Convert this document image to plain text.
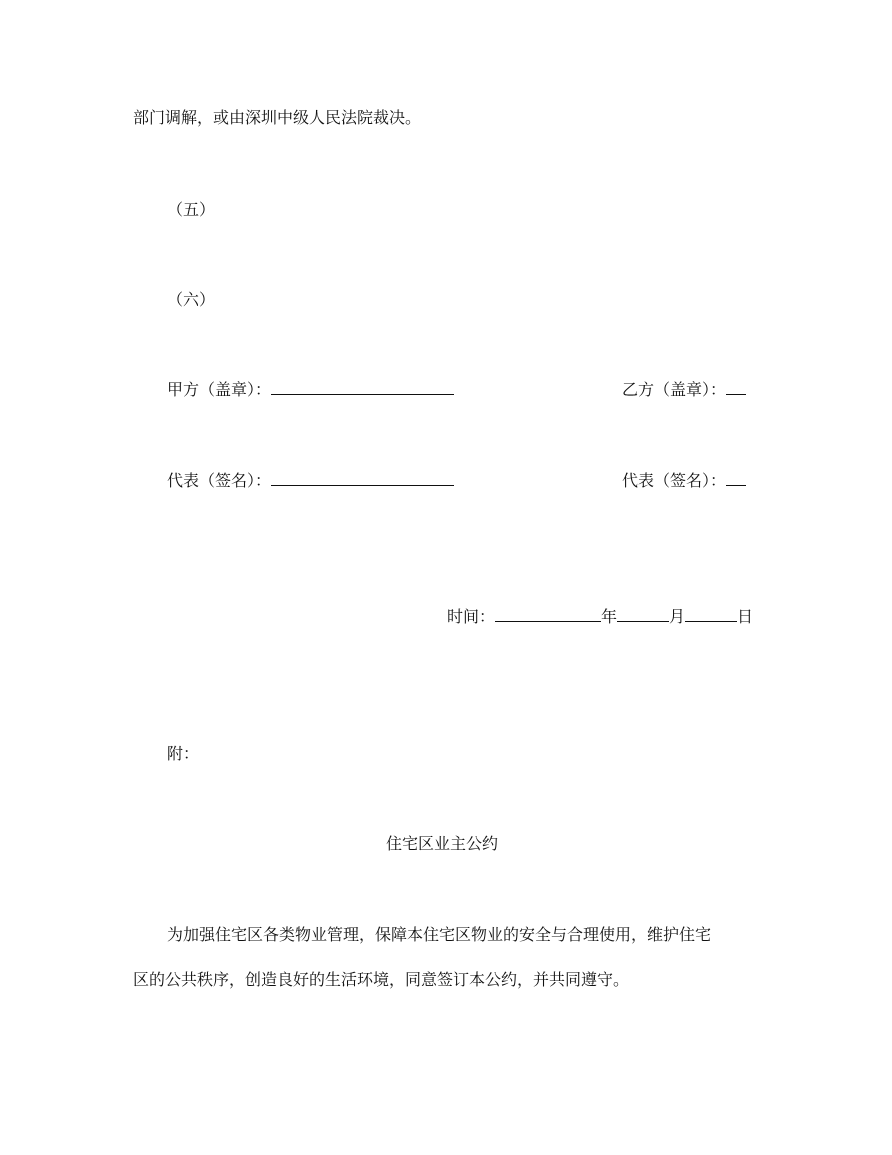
部门调解，或由深圳中级人民法院裁决。
（五）
（六）
甲方（盖章）：	乙方（盖章）：
代表（签名）：	代表（签名）：
时间：	年	月	日
附：
住宅区业主公约
为加强住宅区各类物业管理，保障本住宅区物业的安全与合理使用，维护住宅
区的公共秩序，创造良好的生活环境，同意签订本公约，并共同遵守。
